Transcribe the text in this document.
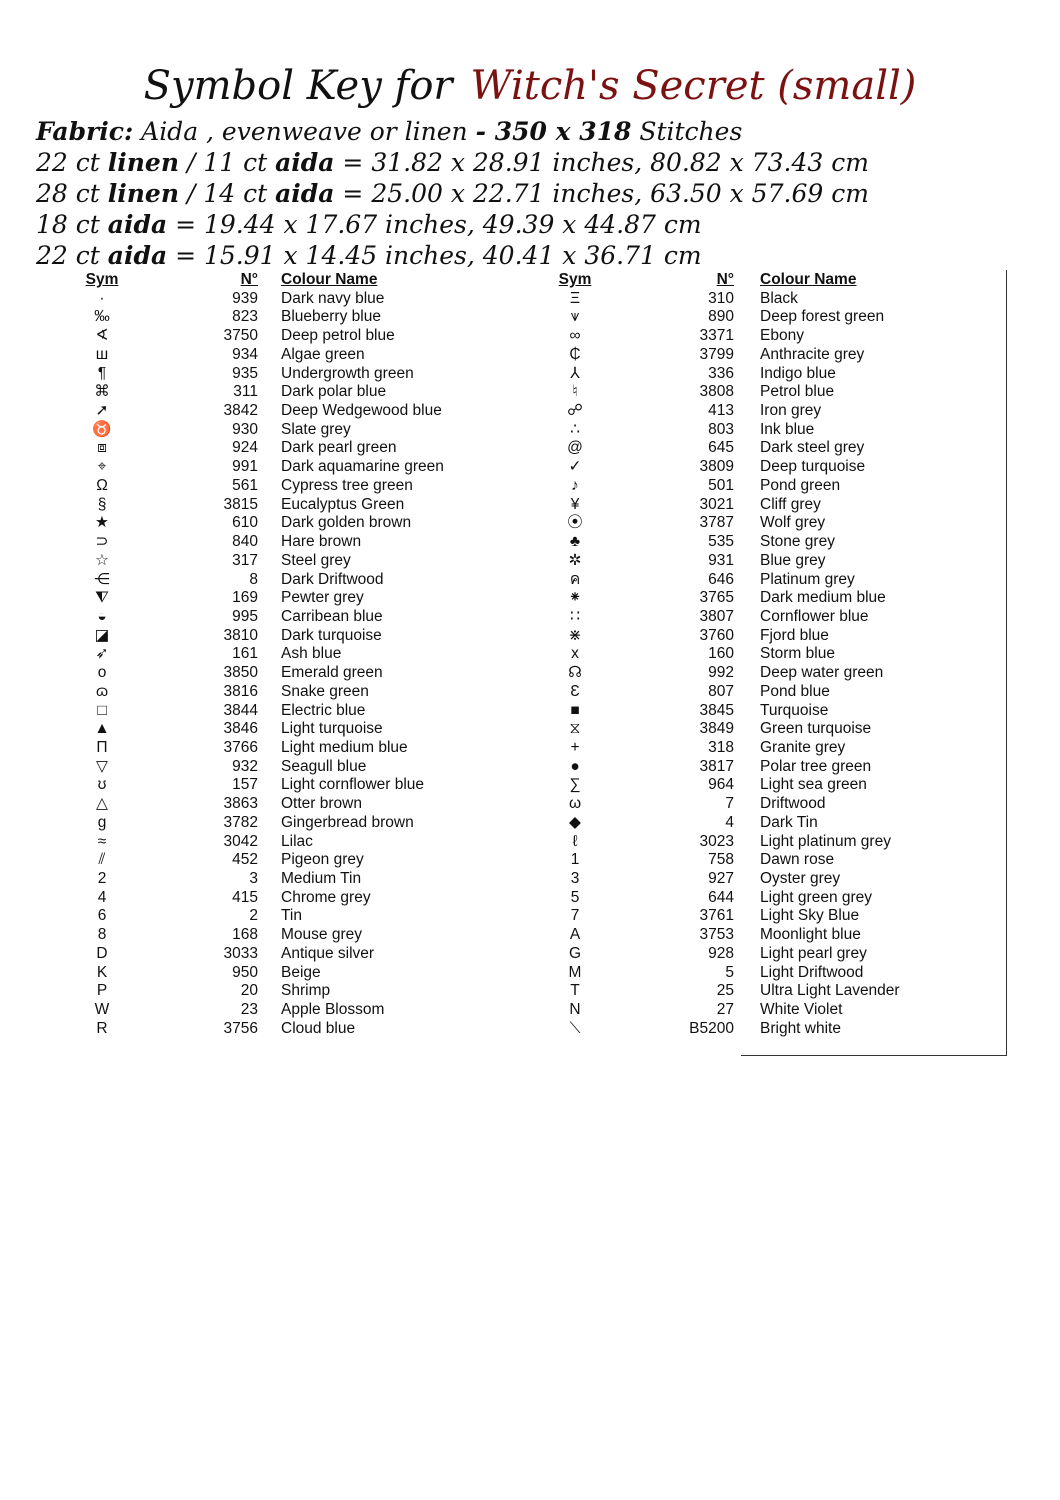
Symbol Key for Witch's Secret (small)
Fabric: Aida , evenweave or linen - 350 x 318 Stitches
22 ct linen / 11 ct aida = 31.82 x 28.91 inches, 80.82 x 73.43 cm
28 ct linen / 14 ct aida = 25.00 x 22.71 inches, 63.50 x 57.69 cm
18 ct aida = 19.44 x 17.67 inches, 49.39 x 44.87 cm
22 ct aida = 15.91 x 14.45 inches, 40.41 x 36.71 cm
Sym	N° Colour Name
·	939 Dark navy blue
‰	823 Blueberry blue
∢	3750 Deep petrol blue
ш	934 Algae green
¶	935 Undergrowth green
⌘	311 Dark polar blue
➚	3842 Deep Wedgewood blue
♉	930 Slate grey
⧈	924 Dark pearl green
⌖	991 Dark aquamarine green
Ω	561 Cypress tree green
§	3815 Eucalyptus Green
★	610 Dark golden brown
⊃	840 Hare brown
☆	317 Steel grey
⋲	8 Dark Driftwood
⧨	169 Pewter grey
◒	995 Carribean blue
◪	3810 Dark turquoise
➶	161 Ash blue
o	3850 Emerald green
ɷ	3816 Snake green
□	3844 Electric blue
▲	3846 Light turquoise
Π	3766 Light medium blue
▽	932 Seagull blue
ʊ	157 Light cornflower blue
△	3863 Otter brown
g	3782 Gingerbread brown
≈	3042 Lilac
⫽	452 Pigeon grey
2	3 Medium Tin
4	415 Chrome grey
6	2 Tin
8	168 Mouse grey
D	3033 Antique silver
K	950 Beige
P	20 Shrimp
W	23 Apple Blossom
R	3756 Cloud blue
Sym	N° Colour Name
Ξ	310 Black
⩛	890 Deep forest green
∞	3371 Ebony
₵	3799 Anthracite grey
⅄	336 Indigo blue
♮	3808 Petrol blue
☍	413 Iron grey
∴	803 Ink blue
@	645 Dark steel grey
✓	3809 Deep turquoise
♪	501 Pond green
¥	3021 Cliff grey
⦿	3787 Wolf grey
♣	535 Stone grey
✲	931 Blue grey
ค	646 Platinum grey
⁕	3765 Dark medium blue
∷	3807 Cornflower blue
⋇	3760 Fjord blue
x	160 Storm blue
☊	992 Deep water green
Ɛ	807 Pond blue
■	3845 Turquoise
⧖	3849 Green turquoise
+	318 Granite grey
●	3817 Polar tree green
∑	964 Light sea green
ω	7 Driftwood
◆	4 Dark Tin
ℓ	3023 Light platinum grey
1	758 Dawn rose
3	927 Oyster grey
5	644 Light green grey
7	3761 Light Sky Blue
A	3753 Moonlight blue
G	928 Light pearl grey
M	5 Light Driftwood
T	25 Ultra Light Lavender
N	27 White Violet
⟍	B5200 Bright white
